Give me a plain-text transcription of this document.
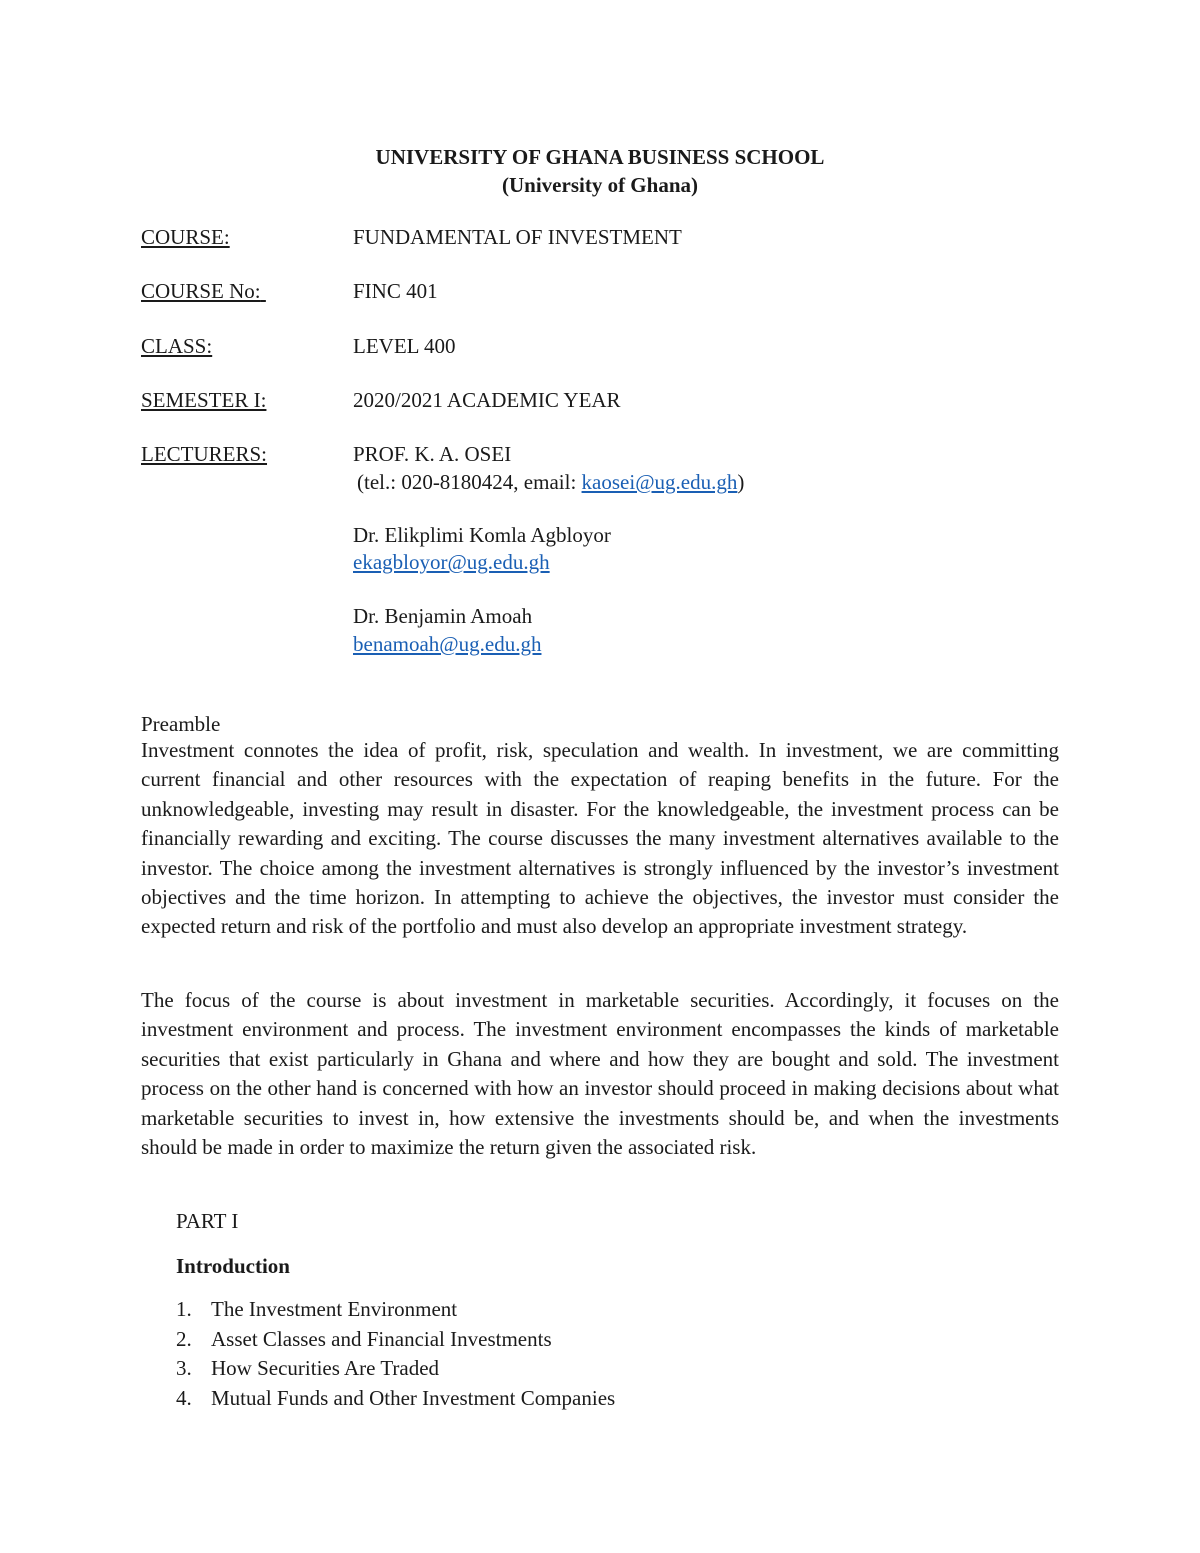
UNIVERSITY OF GHANA BUSINESS SCHOOL
(University of Ghana)
COURSE:	FUNDAMENTAL OF INVESTMENT
COURSE No:	FINC 401
CLASS:	LEVEL 400
SEMESTER I:	2020/2021 ACADEMIC YEAR
LECTURERS:	PROF. K. A. OSEI
(tel.: 020-8180424, email: kaosei@ug.edu.gh)
Dr. Elikplimi Komla Agbloyor
ekagbloyor@ug.edu.gh
Dr. Benjamin Amoah
benamoah@ug.edu.gh
Preamble

Investment connotes the idea of profit, risk, speculation and wealth. In investment, we are committing current financial and other resources with the expectation of reaping benefits in the future. For the unknowledgeable, investing may result in disaster. For the knowledgeable, the investment process can be financially rewarding and exciting. The course discusses the many investment alternatives available to the investor. The choice among the investment alternatives is strongly influenced by the investor’s investment objectives and the time horizon. In attempting to achieve the objectives, the investor must consider the expected return and risk of the portfolio and must also develop an appropriate investment strategy.

The focus of the course is about investment in marketable securities. Accordingly, it focuses on the investment environment and process. The investment environment encompasses the kinds of marketable securities that exist particularly in Ghana and where and how they are bought and sold. The investment process on the other hand is concerned with how an investor should proceed in making decisions about what marketable securities to invest in, how extensive the investments should be, and when the investments should be made in order to maximize the return given the associated risk.

PART I
Introduction
1. The Investment Environment
2. Asset Classes and Financial Investments
3. How Securities Are Traded
4. Mutual Funds and Other Investment Companies
